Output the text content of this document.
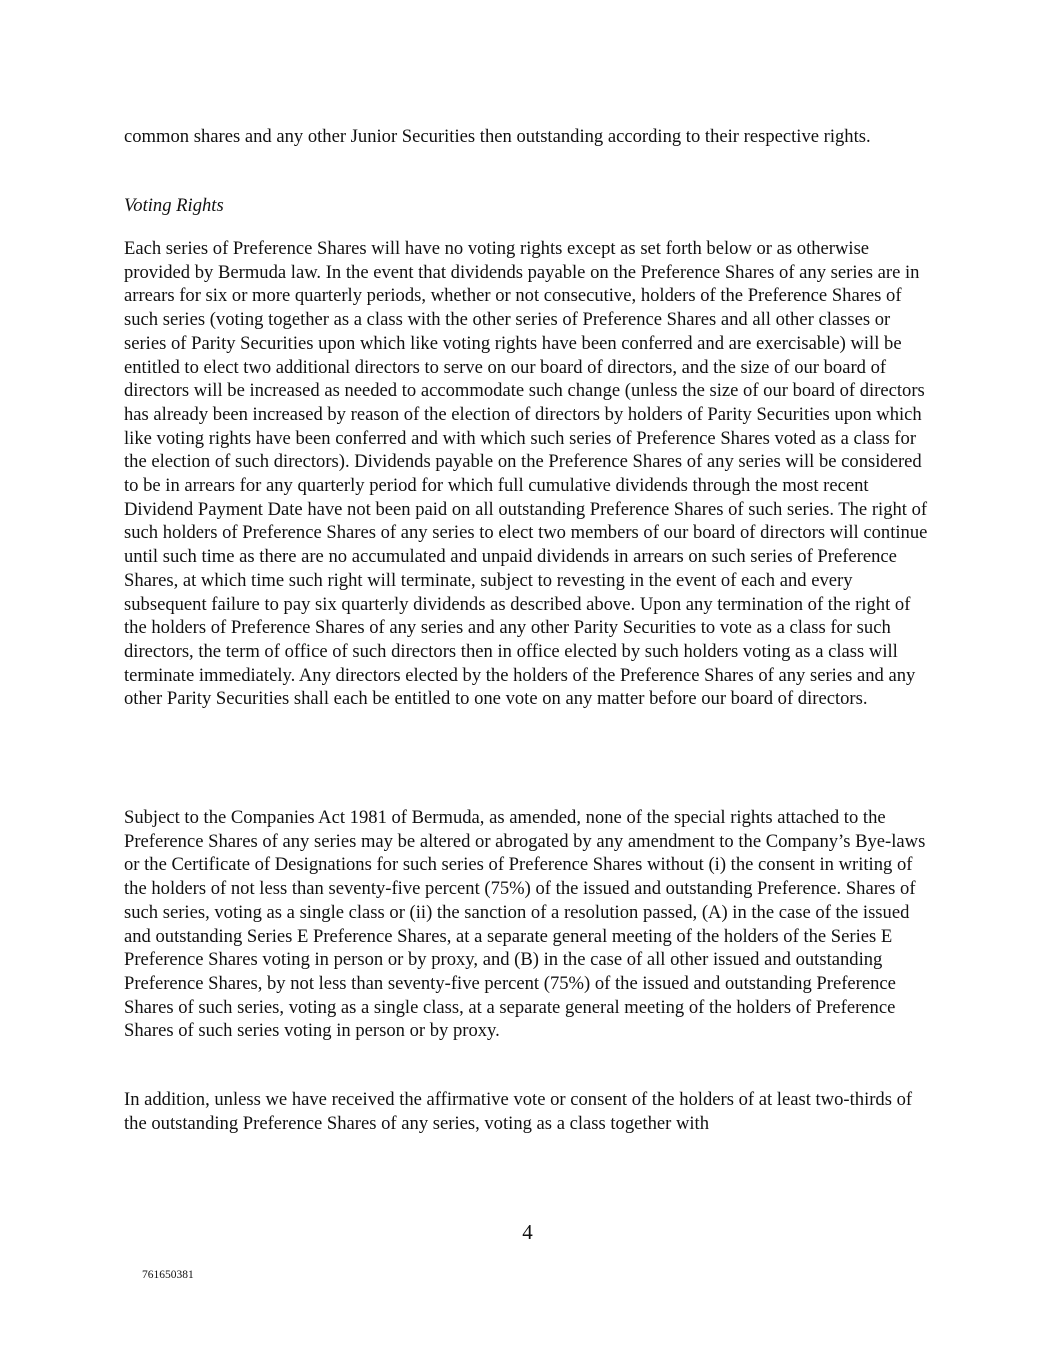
common shares and any other Junior Securities then outstanding according to their respective rights.

Voting Rights

Each series of Preference Shares will have no voting rights except as set forth below or as otherwise provided by Bermuda law. In the event that dividends payable on the Preference Shares of any series are in arrears for six or more quarterly periods, whether or not consecutive, holders of the Preference Shares of such series (voting together as a class with the other series of Preference Shares and all other classes or series of Parity Securities upon which like voting rights have been conferred and are exercisable) will be entitled to elect two additional directors to serve on our board of directors, and the size of our board of directors will be increased as needed to accommodate such change (unless the size of our board of directors has already been increased by reason of the election of directors by holders of Parity Securities upon which like voting rights have been conferred and with which such series of Preference Shares voted as a class for the election of such directors). Dividends payable on the Preference Shares of any series will be considered to be in arrears for any quarterly period for which full cumulative dividends through the most recent Dividend Payment Date have not been paid on all outstanding Preference Shares of such series. The right of such holders of Preference Shares of any series to elect two members of our board of directors will continue until such time as there are no accumulated and unpaid dividends in arrears on such series of Preference Shares, at which time such right will terminate, subject to revesting in the event of each and every subsequent failure to pay six quarterly dividends as described above. Upon any termination of the right of the holders of Preference Shares of any series and any other Parity Securities to vote as a class for such directors, the term of office of such directors then in office elected by such holders voting as a class will terminate immediately. Any directors elected by the holders of the Preference Shares of any series and any other Parity Securities shall each be entitled to one vote on any matter before our board of directors.

Subject to the Companies Act 1981 of Bermuda, as amended, none of the special rights attached to the Preference Shares of any series may be altered or abrogated by any amendment to the Company’s Bye-laws or the Certificate of Designations for such series of Preference Shares without (i) the consent in writing of the holders of not less than seventy-five percent (75%) of the issued and outstanding Preference. Shares of such series, voting as a single class or (ii) the sanction of a resolution passed, (A) in the case of the issued and outstanding Series E Preference Shares, at a separate general meeting of the holders of the Series E Preference Shares voting in person or by proxy, and (B) in the case of all other issued and outstanding Preference Shares, by not less than seventy-five percent (75%) of the issued and outstanding Preference Shares of such series, voting as a single class, at a separate general meeting of the holders of Preference Shares of such series voting in person or by proxy.

In addition, unless we have received the affirmative vote or consent of the holders of at least two-thirds of the outstanding Preference Shares of any series, voting as a class together with

4

761650381
